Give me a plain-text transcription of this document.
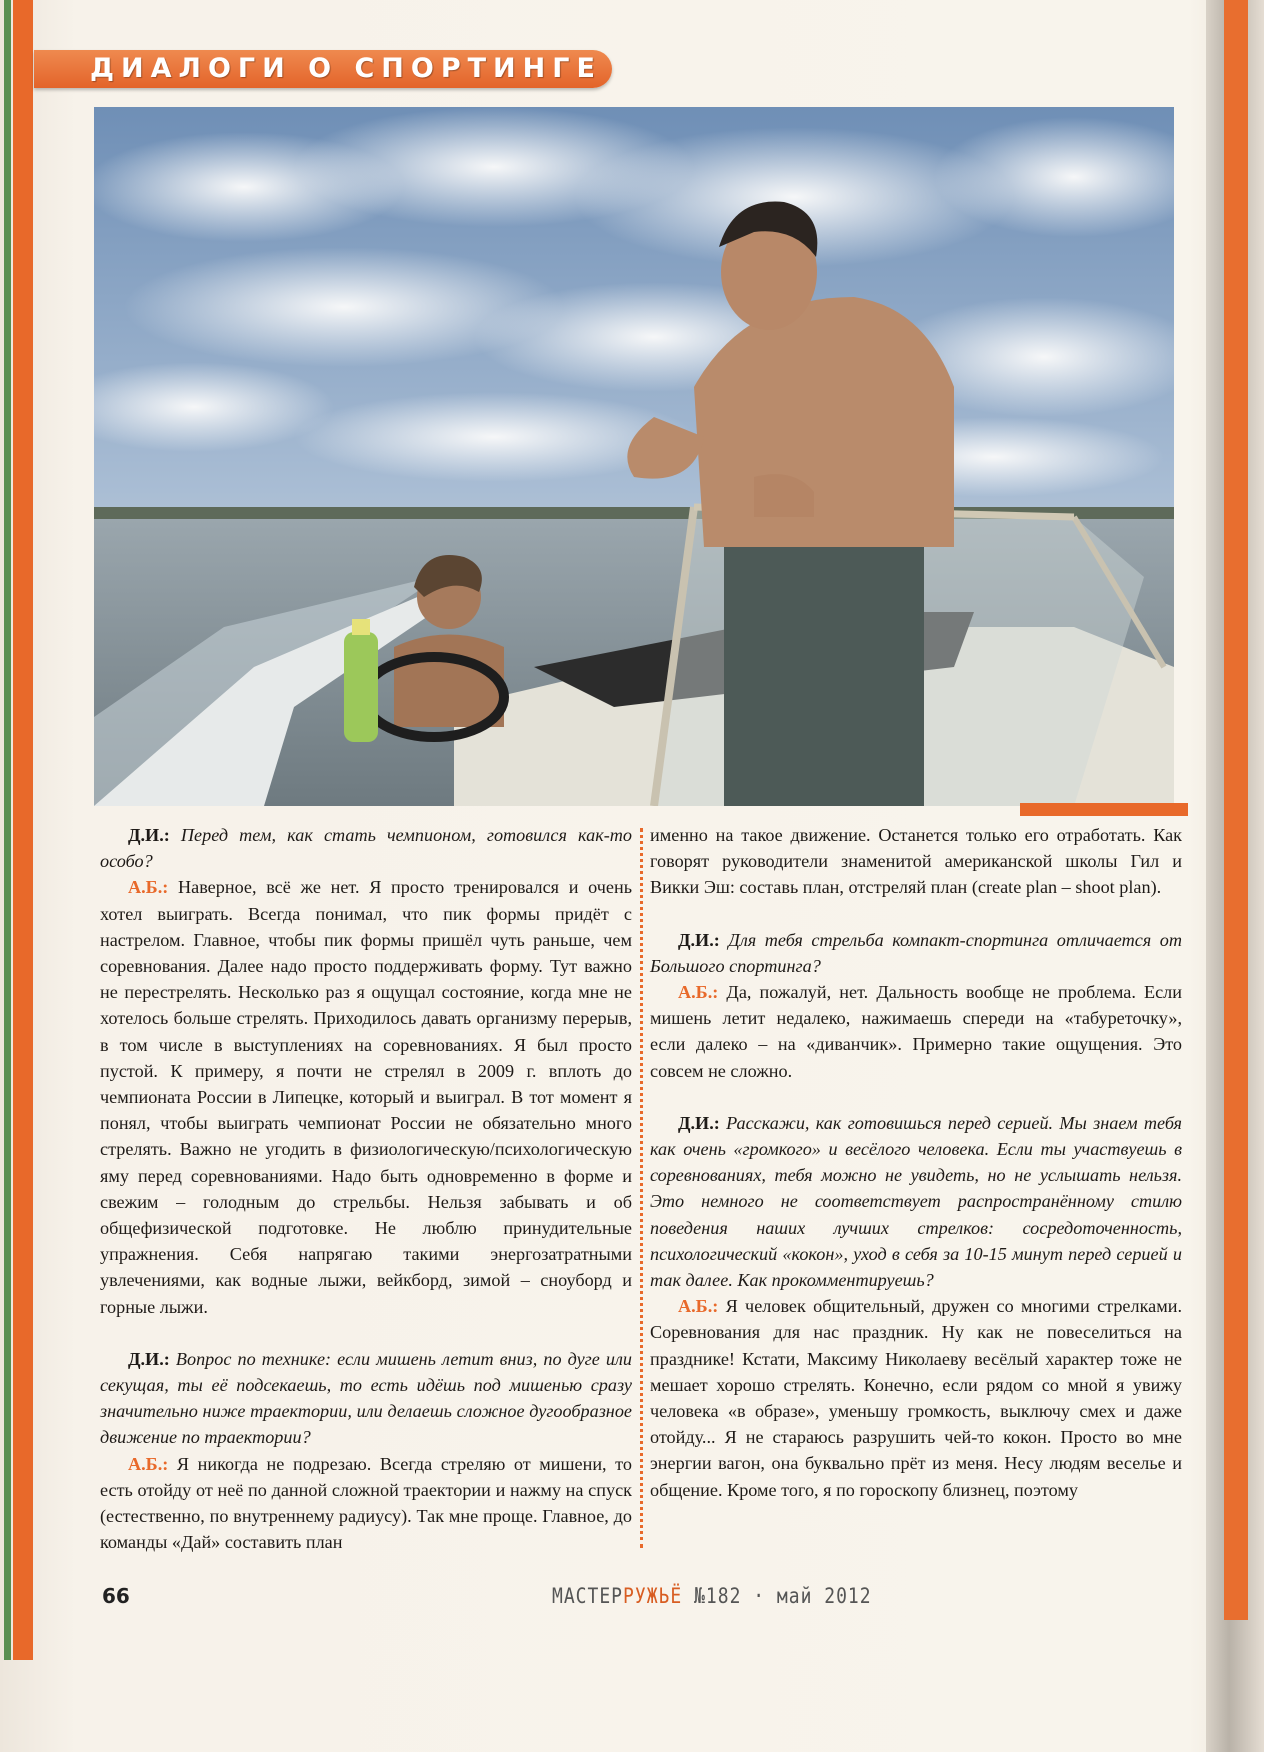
ДИАЛОГИ О СПОРТИНГЕ

Д.И.: Перед тем, как стать чемпионом, готовился как-то особо?

А.Б.: Наверное, всё же нет. Я просто тренировался и очень хотел выиграть. Всегда понимал, что пик формы придёт с настрелом. Главное, чтобы пик формы пришёл чуть раньше, чем соревнования. Далее надо просто поддерживать форму. Тут важно не перестрелять. Несколько раз я ощущал состояние, когда мне не хотелось больше стрелять. Приходилось давать организму перерыв, в том числе в выступлениях на соревнованиях. Я был просто пустой. К примеру, я почти не стрелял в 2009 г. вплоть до чемпионата России в Липецке, который и выиграл. В тот момент я понял, чтобы выиграть чемпионат России не обязательно много стрелять. Важно не угодить в физиологическую/психологическую яму перед соревнованиями. Надо быть одновременно в форме и свежим – голодным до стрельбы. Нельзя забывать и об общефизической подготовке. Не люблю принудительные упражнения. Себя напрягаю такими энергозатратными увлечениями, как водные лыжи, вейкборд, зимой – сноуборд и горные лыжи.

Д.И.: Вопрос по технике: если мишень летит вниз, по дуге или секущая, ты её подсекаешь, то есть идёшь под мишенью сразу значительно ниже траектории, или делаешь сложное дугообразное движение по траектории?

А.Б.: Я никогда не подрезаю. Всегда стреляю от мишени, то есть отойду от неё по данной сложной траектории и нажму на спуск (естественно, по внутреннему радиусу). Так мне проще. Главное, до команды «Дай» составить план

именно на такое движение. Останется только его отработать. Как говорят руководители знаменитой американской школы Гил и Викки Эш: составь план, отстреляй план (create plan – shoot plan).

Д.И.: Для тебя стрельба компакт-спортинга отличается от Большого спортинга?

А.Б.: Да, пожалуй, нет. Дальность вообще не проблема. Если мишень летит недалеко, нажимаешь спереди на «табуреточку», если далеко – на «диванчик». Примерно такие ощущения. Это совсем не сложно.

Д.И.: Расскажи, как готовишься перед серией. Мы знаем тебя как очень «громкого» и весёлого человека. Если ты участвуешь в соревнованиях, тебя можно не увидеть, но не услышать нельзя. Это немного не соответствует распространённому стилю поведения наших лучших стрелков: сосредоточенность, психологический «кокон», уход в себя за 10-15 минут перед серией и так далее. Как прокомментируешь?

А.Б.: Я человек общительный, дружен со многими стрелками. Соревнования для нас праздник. Ну как не повеселиться на празднике! Кстати, Максиму Николаеву весёлый характер тоже не мешает хорошо стрелять. Конечно, если рядом со мной я увижу человека «в образе», уменьшу громкость, выключу смех и даже отойду... Я не стараюсь разрушить чей-то кокон. Просто во мне энергии вагон, она буквально прёт из меня. Несу людям веселье и общение. Кроме того, я по гороскопу близнец, поэтому

66	МАСТЕРРУЖЬЁ №182 · май 2012
